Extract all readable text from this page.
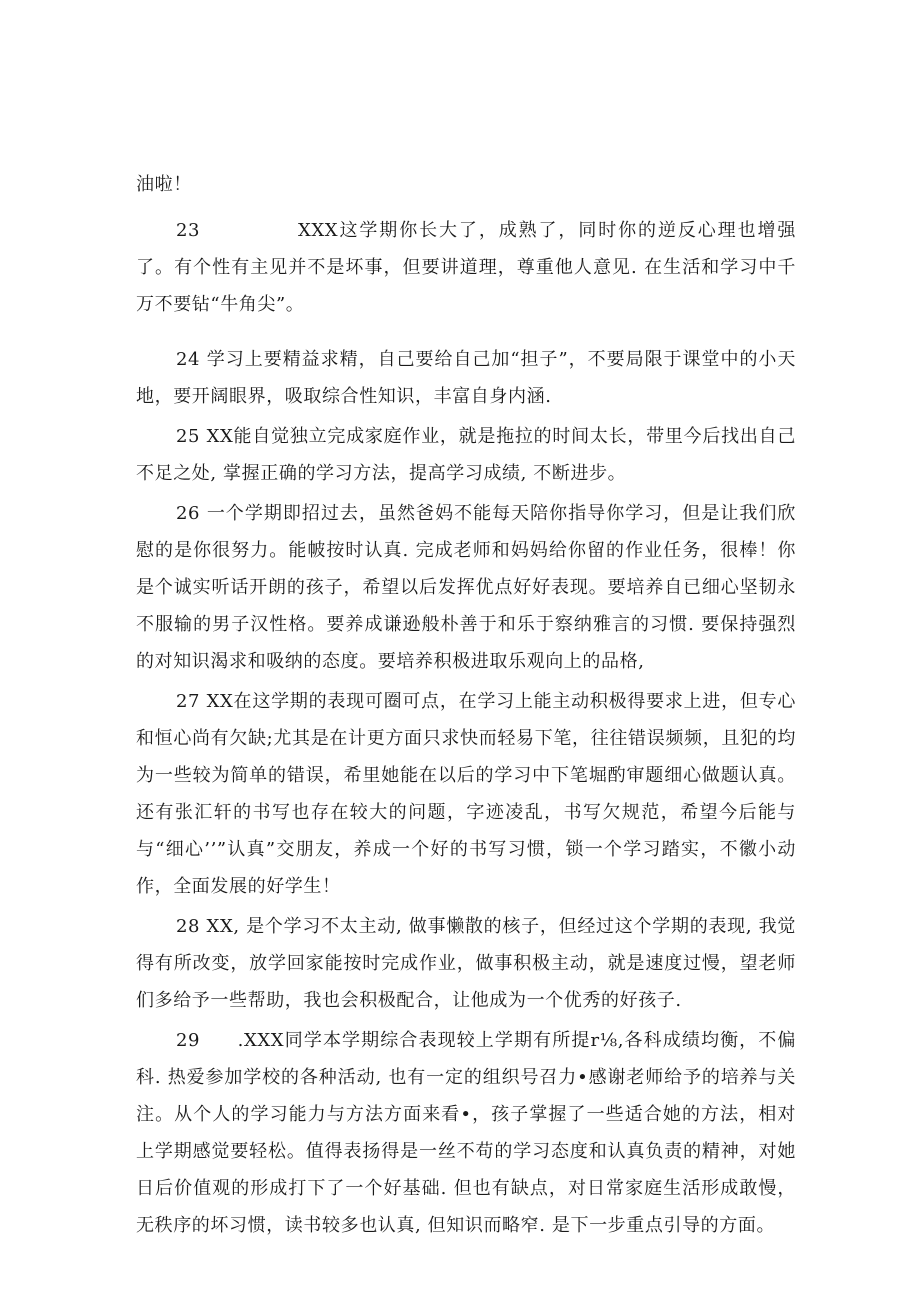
油啦！

23		XXX这学期你长大了，成熟了，同时你的逆反心理也增强了。有个性有主见并不是坏事，但要讲道理，尊重他人意见. 在生活和学习中千万不要钻“牛角尖”。

24 学习上要精益求精，自己要给自己加“担子”，不要局限于课堂中的小天地，要开阔眼界，吸取综合性知识，丰富自身内涵.

25 XX能自觉独立完成家庭作业，就是拖拉的时间太长，带里今后找出自己不足之处, 掌握正确的学习方法，提高学习成绩, 不断进步。

26 一个学期即招过去，虽然爸妈不能每天陪你指导你学习，但是让我们欣慰的是你很努力。能帔按时认真. 完成老师和妈妈给你留的作业任务，很棒！你是个诚实听话开朗的孩子，希望以后发挥优点好好表现。要培养自已细心坚韧永不服输的男子汉性格。要养成谦逊般朴善于和乐于察纳雅言的习惯. 要保持强烈的对知识渴求和吸纳的态度。要培养积极进取乐观向上的品格,

27 XX在这学期的表现可圈可点，在学习上能主动积极得要求上进，但专心和恒心尚有欠缺;尤其是在计更方面只求快而轻易下笔，往往错误频频，且犯的均为一些较为简单的错误，希里她能在以后的学习中下笔堀酌审题细心做题认真。还有张汇轩的书写也存在较大的问题，字迹凌乱，书写欠规范，希望今后能与与“细心’’”认真”交朋友，养成一个好的书写习惯，锁一个学习踏实，不徽小动作，全面发展的好学生！

28 XX, 是个学习不太主动, 做事懒散的核子，但经过这个学期的表现, 我觉得有所改变，放学回家能按时完成作业，做事积极主动，就是速度过慢，望老师们多给予一些帮助，我也会积极配合，让他成为一个优秀的好孩子.

29	.XXX同学本学期综合表现较上学期有所提r⅛,各科成绩均衡，不偏科. 热爱参加学校的各种活动, 也有一定的组织号召力•感谢老师给予的培养与关注。从个人的学习能力与方法方面来看•，孩子掌握了一些适合她的方法，相对上学期感觉要轻松。值得表扬得是一丝不苟的学习态度和认真负责的精神，对她日后价值观的形成打下了一个好基础. 但也有缺点，对日常家庭生活形成敢慢，无秩序的坏习惯，读书较多也认真, 但知识而略窄. 是下一步重点引导的方面。
